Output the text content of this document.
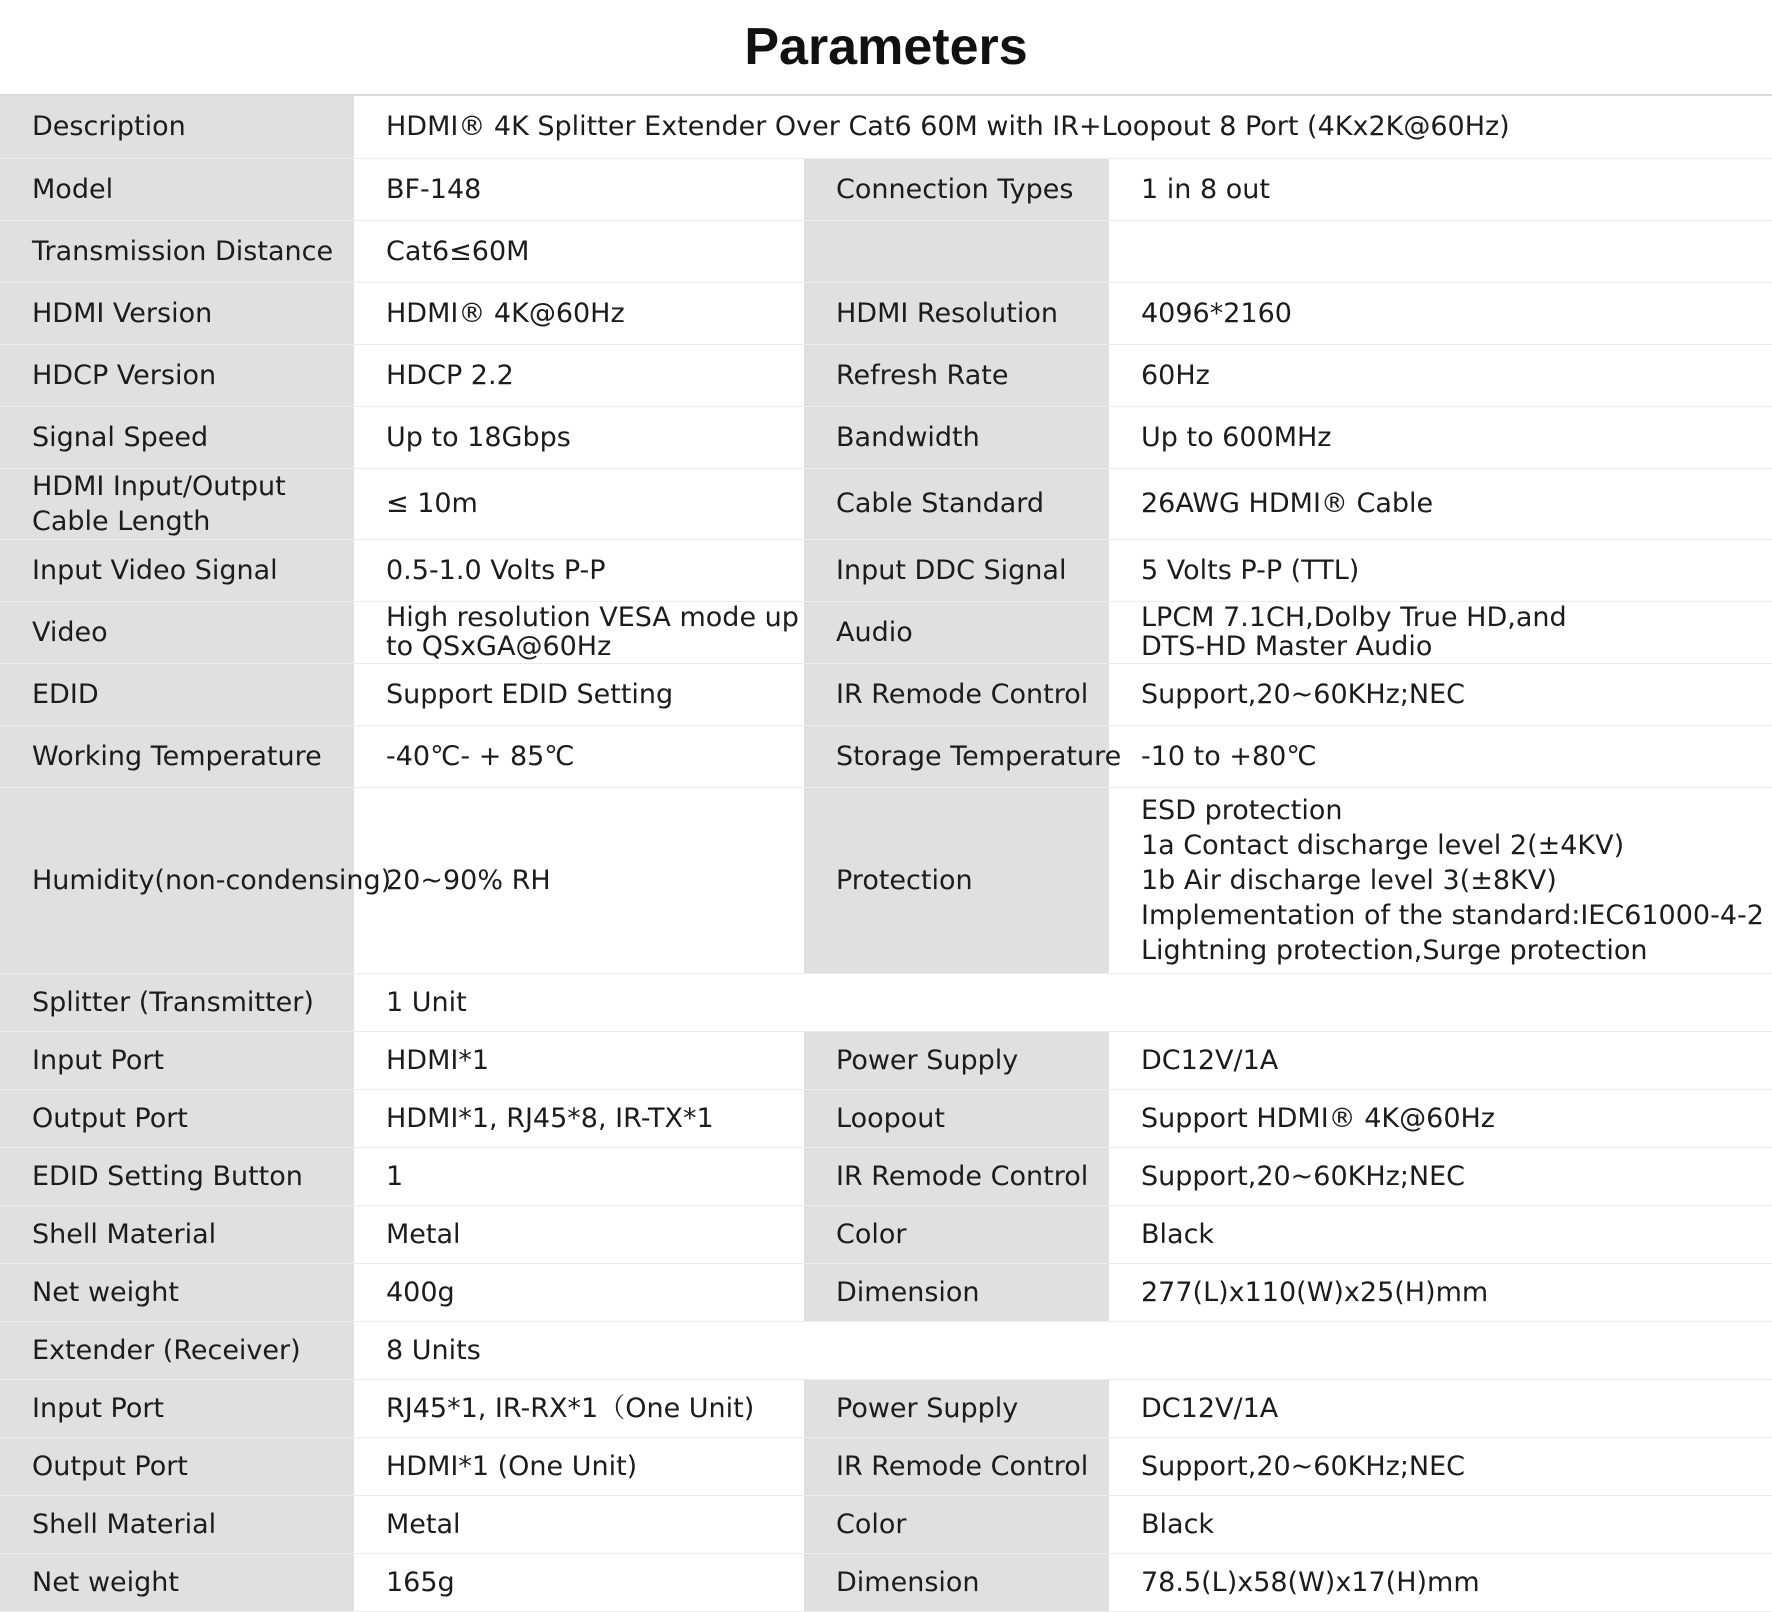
Parameters
Description	HDMI® 4K Splitter Extender Over Cat6 60M with IR+Loopout 8 Port (4Kx2K@60Hz)		
Model	BF-148	Connection Types	1 in 8 out
Transmission Distance	Cat6≤60M		
HDMI Version	HDMI® 4K@60Hz	HDMI Resolution	4096*2160
HDCP Version	HDCP 2.2	Refresh Rate	60Hz
Signal Speed	Up to 18Gbps	Bandwidth	Up to 600MHz
HDMI Input/Output Cable Length	≤ 10m	Cable Standard	26AWG HDMI® Cable
Input Video Signal	0.5-1.0 Volts P-P	Input DDC Signal	5 Volts P-P (TTL)
Video	High resolution VESA mode up to QSxGA@60Hz	Audio	LPCM 7.1CH,Dolby True HD,and
DTS-HD Master Audio
EDID	Support EDID Setting	IR Remode Control	Support,20~60KHz;NEC
Working Temperature	-40℃- + 85℃	Storage Temperature	-10 to +80℃
Humidity(non-condensing)	20~90% RH	Protection	ESD protection
1a Contact discharge level 2(±4KV)
1b Air discharge level 3(±8KV)
Implementation of the standard:IEC61000-4-2
Lightning protection,Surge protection
Splitter (Transmitter)	1 Unit		
Input Port	HDMI*1	Power Supply	DC12V/1A
Output Port	HDMI*1, RJ45*8, IR-TX*1	Loopout	Support HDMI® 4K@60Hz
EDID Setting Button	1	IR Remode Control	Support,20~60KHz;NEC
Shell Material	Metal	Color	Black
Net weight	400g	Dimension	277(L)x110(W)x25(H)mm
Extender (Receiver)	8 Units		
Input Port	RJ45*1, IR-RX*1（One Unit)	Power Supply	DC12V/1A
Output Port	HDMI*1 (One Unit)	IR Remode Control	Support,20~60KHz;NEC
Shell Material	Metal	Color	Black
Net weight	165g	Dimension	78.5(L)x58(W)x17(H)mm
